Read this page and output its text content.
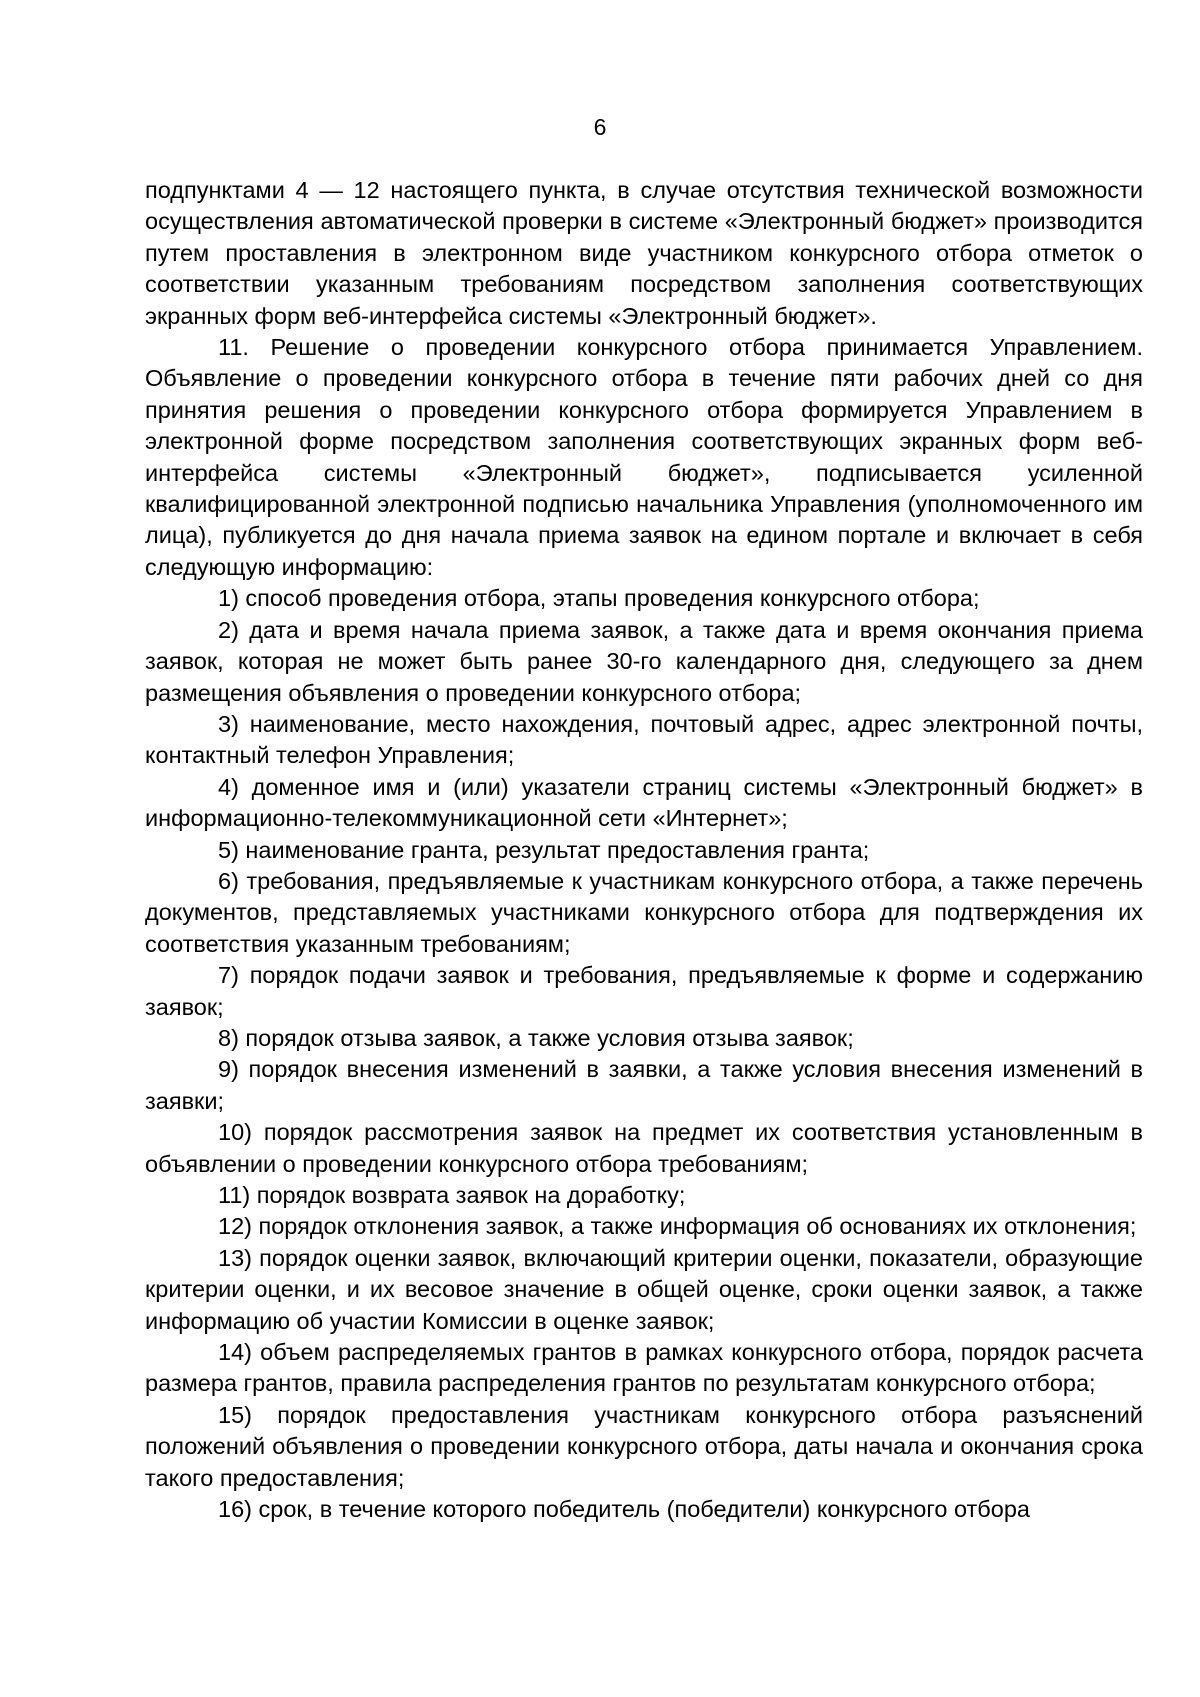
6

подпунктами 4 — 12 настоящего пункта, в случае отсутствия технической возможности осуществления автоматической проверки в системе «Электронный бюджет» производится путем проставления в электронном виде участником конкурсного отбора отметок о соответствии указанным требованиям посредством заполнения соответствующих экранных форм веб-интерфейса системы «Электронный бюджет».

11. Решение о проведении конкурсного отбора принимается Управлением. Объявление о проведении конкурсного отбора в течение пяти рабочих дней со дня принятия решения о проведении конкурсного отбора формируется Управлением в электронной форме посредством заполнения соответствующих экранных форм веб-интерфейса системы «Электронный бюджет», подписывается усиленной квалифицированной электронной подписью начальника Управления (уполномоченного им лица), публикуется до дня начала приема заявок на едином портале и включает в себя следующую информацию:

1) способ проведения отбора, этапы проведения конкурсного отбора;

2) дата и время начала приема заявок, а также дата и время окончания приема заявок, которая не может быть ранее 30-го календарного дня, следующего за днем размещения объявления о проведении конкурсного отбора;

3) наименование, место нахождения, почтовый адрес, адрес электронной почты, контактный телефон Управления;

4) доменное имя и (или) указатели страниц системы «Электронный бюджет» в информационно-телекоммуникационной сети «Интернет»;

5) наименование гранта, результат предоставления гранта;

6) требования, предъявляемые к участникам конкурсного отбора, а также перечень документов, представляемых участниками конкурсного отбора для подтверждения их соответствия указанным требованиям;

7) порядок подачи заявок и требования, предъявляемые к форме и содержанию заявок;

8) порядок отзыва заявок, а также условия отзыва заявок;

9) порядок внесения изменений в заявки, а также условия внесения изменений в заявки;

10) порядок рассмотрения заявок на предмет их соответствия установленным в объявлении о проведении конкурсного отбора требованиям;

11) порядок возврата заявок на доработку;

12) порядок отклонения заявок, а также информация об основаниях их отклонения;

13) порядок оценки заявок, включающий критерии оценки, показатели, образующие критерии оценки, и их весовое значение в общей оценке, сроки оценки заявок, а также информацию об участии Комиссии в оценке заявок;

14) объем распределяемых грантов в рамках конкурсного отбора, порядок расчета размера грантов, правила распределения грантов по результатам конкурсного отбора;

15) порядок предоставления участникам конкурсного отбора разъяснений положений объявления о проведении конкурсного отбора, даты начала и окончания срока такого предоставления;

16) срок, в течение которого победитель (победители) конкурсного отбора
